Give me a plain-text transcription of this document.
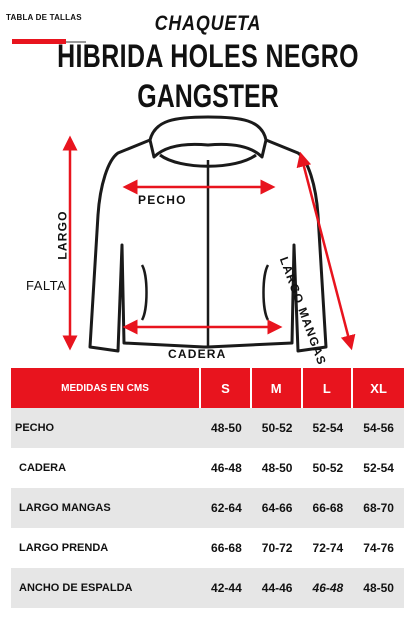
TABLA DE TALLAS	CHAQUETA
HIBRIDA HOLES NEGRO
GANGSTER
PECHO
CADERA
LARGO
FALTA	LARGO MANGAS
MEDIDAS EN CMS	S	M	L	XL
PECHO	48-50	50-52	52-54	54-56
CADERA	46-48	48-50	50-52	52-54
LARGO MANGAS	62-64	64-66	66-68	68-70
LARGO PRENDA	66-68	70-72	72-74	74-76
ANCHO DE ESPALDA	42-44	44-46	46-48	48-50
